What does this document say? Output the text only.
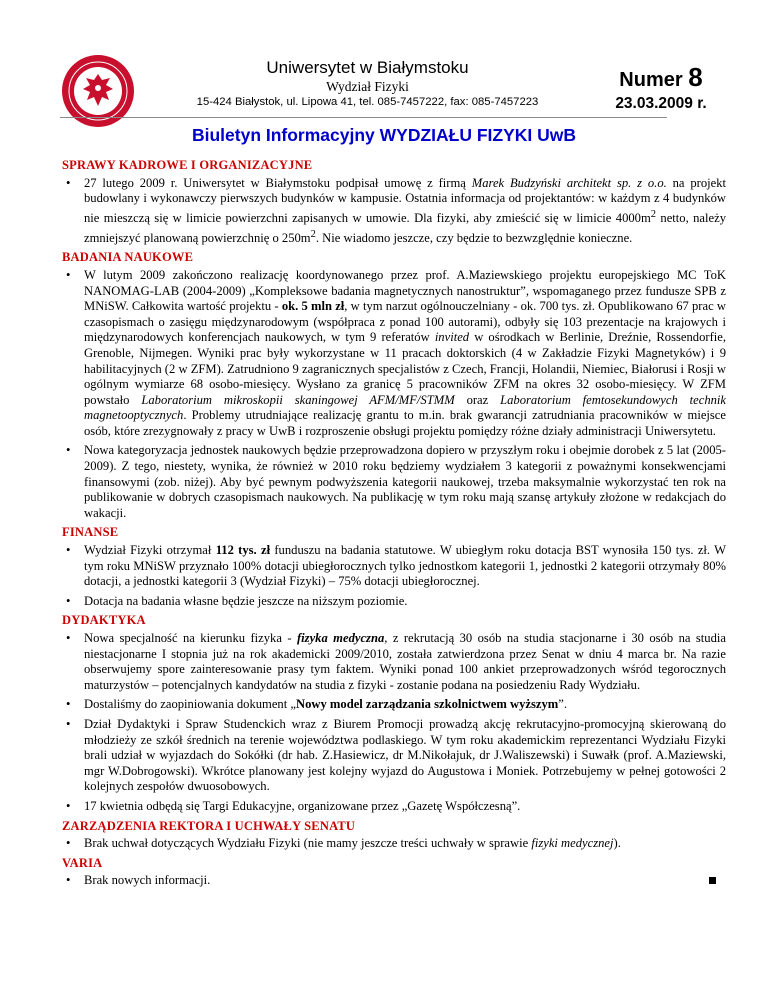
Uniwersytet w Białymstoku
Wydział Fizyki
15-424 Białystok, ul. Lipowa 41, tel. 085-7457222, fax: 085-7457223
Numer 8
23.03.2009 r.
Biuletyn Informacyjny WYDZIAŁU FIZYKI UwB

SPRAWY KADROWE I ORGANIZACYJNE

• 27 lutego 2009 r. Uniwersytet w Białymstoku podpisał umowę z firmą Marek Budzyński architekt sp. z o.o. na projekt budowlany i wykonawczy pierwszych budynków w kampusie. Ostatnia informacja od projektantów: w każdym z 4 budynków nie mieszczą się w limicie powierzchni zapisanych w umowie. Dla fizyki, aby zmieścić się w limicie $4000m^2$ netto, należy zmniejszyć planowaną powierzchnię o $250m^2$. Nie wiadomo jeszcze, czy będzie to bezwzględnie konieczne.

BADANIA NAUKOWE

• W lutym 2009 zakończono realizację koordynowanego przez prof. A.Maziewskiego projektu europejskiego MC ToK NANOMAG-LAB (2004-2009) „Kompleksowe badania magnetycznych nanostruktur”, wspomaganego przez fundusze SPB z MNiSW. Całkowita wartość projektu - ok. 5 mln zł, w tym narzut ogólnouczelniany - ok. 700 tys. zł. Opublikowano 67 prac w czasopismach o zasięgu międzynarodowym (współpraca z ponad 100 autorami), odbyły się 103 prezentacje na krajowych i międzynarodowych konferencjach naukowych, w tym 9 referatów invited w ośrodkach w Berlinie, Dreźnie, Rossendorfie, Grenoble, Nijmegen. Wyniki prac były wykorzystane w 11 pracach doktorskich (4 w Zakładzie Fizyki Magnetyków) i 9 habilitacyjnych (2 w ZFM). Zatrudniono 9 zagranicznych specjalistów z Czech, Francji, Holandii, Niemiec, Białorusi i Rosji w ogólnym wymiarze 68 osobo-miesięcy. Wysłano za granicę 5 pracowników ZFM na okres 32 osobo-miesięcy. W ZFM powstało Laboratorium mikroskopii skaningowej AFM/MF/STMM oraz Laboratorium femtosekundowych technik magnetooptycznych. Problemy utrudniające realizację grantu to m.in. brak gwarancji zatrudniania pracowników w miejsce osób, które zrezygnowały z pracy w UwB i rozproszenie obsługi projektu pomiędzy różne działy administracji Uniwersytetu.
• Nowa kategoryzacja jednostek naukowych będzie przeprowadzona dopiero w przyszłym roku i obejmie dorobek z 5 lat (2005-2009). Z tego, niestety, wynika, że również w 2010 roku będziemy wydziałem 3 kategorii z poważnymi konsekwencjami finansowymi (zob. niżej). Aby być pewnym podwyższenia kategorii naukowej, trzeba maksymalnie wykorzystać ten rok na publikowanie w dobrych czasopismach naukowych. Na publikację w tym roku mają szansę artykuły złożone w redakcjach do wakacji.

FINANSE

• Wydział Fizyki otrzymał 112 tys. zł funduszu na badania statutowe. W ubiegłym roku dotacja BST wynosiła 150 tys. zł. W tym roku MNiSW przyznało 100% dotacji ubiegłorocznych tylko jednostkom kategorii 1, jednostki 2 kategorii otrzymały 80% dotacji, a jednostki kategorii 3 (Wydział Fizyki) – 75% dotacji ubiegłorocznej.
• Dotacja na badania własne będzie jeszcze na niższym poziomie.

DYDAKTYKA

• Nowa specjalność na kierunku fizyka - fizyka medyczna, z rekrutacją 30 osób na studia stacjonarne i 30 osób na studia niestacjonarne I stopnia już na rok akademicki 2009/2010, została zatwierdzona przez Senat w dniu 4 marca br. Na razie obserwujemy spore zainteresowanie prasy tym faktem. Wyniki ponad 100 ankiet przeprowadzonych wśród tegorocznych maturzystów – potencjalnych kandydatów na studia z fizyki - zostanie podana na posiedzeniu Rady Wydziału.
• Dostaliśmy do zaopiniowania dokument „Nowy model zarządzania szkolnictwem wyższym”.
• Dział Dydaktyki i Spraw Studenckich wraz z Biurem Promocji prowadzą akcję rekrutacyjno-promocyjną skierowaną do młodzieży ze szkół średnich na terenie województwa podlaskiego. W tym roku akademickim reprezentanci Wydziału Fizyki brali udział w wyjazdach do Sokółki (dr hab. Z.Hasiewicz, dr M.Nikołajuk, dr J.Waliszewski) i Suwałk (prof. A.Maziewski, mgr W.Dobrogowski). Wkrótce planowany jest kolejny wyjazd do Augustowa i Moniek. Potrzebujemy w pełnej gotowości 2 kolejnych zespołów dwuosobowych.
• 17 kwietnia odbędą się Targi Edukacyjne, organizowane przez „Gazetę Współczesną”.

ZARZĄDZENIA REKTORA I UCHWAŁY SENATU

• Brak uchwał dotyczących Wydziału Fizyki (nie mamy jeszcze treści uchwały w sprawie fizyki medycznej).

VARIA

• Brak nowych informacji.
